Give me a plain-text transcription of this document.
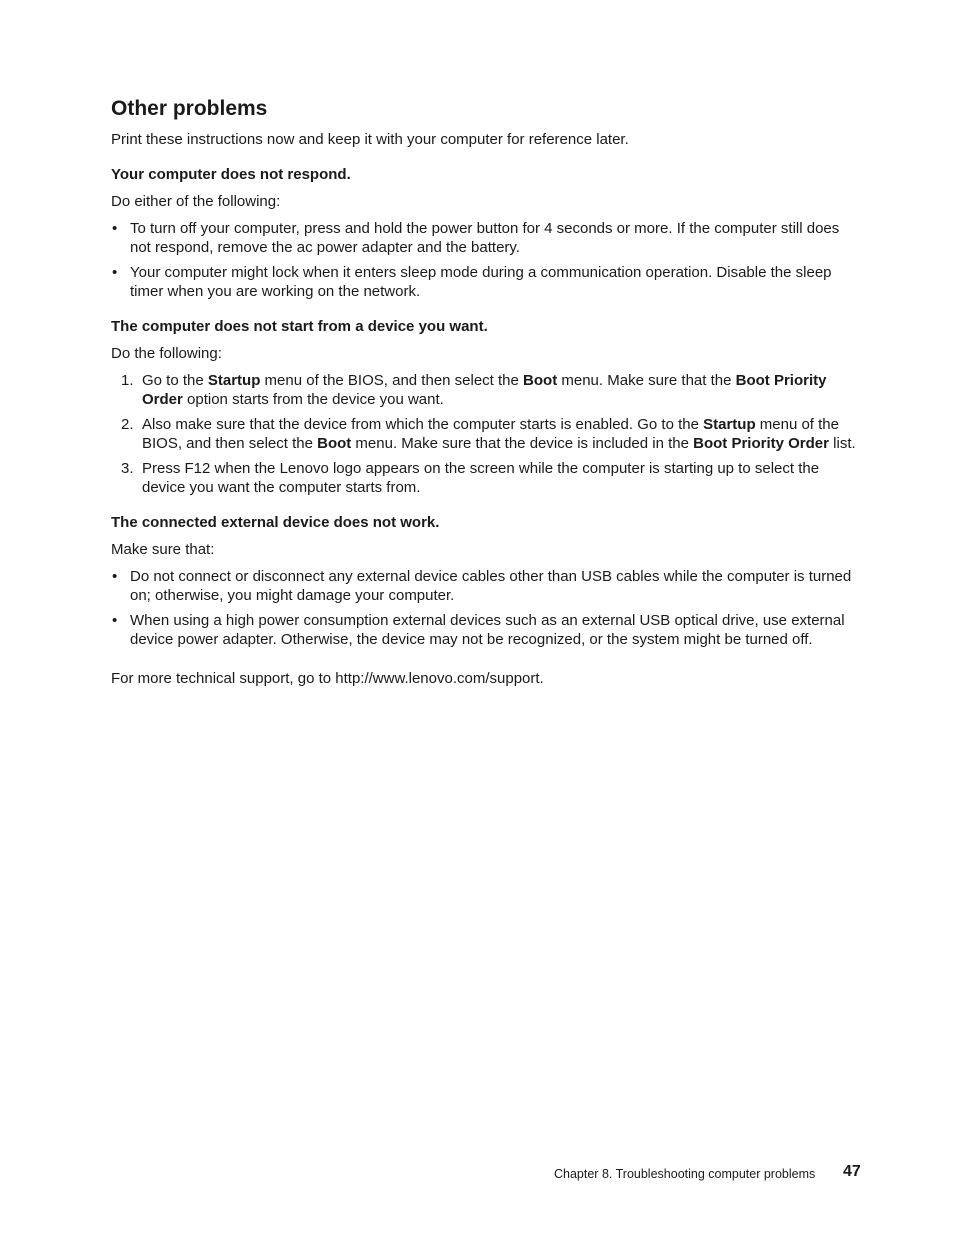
Other problems

Print these instructions now and keep it with your computer for reference later.

Your computer does not respond.

Do either of the following:

• To turn off your computer, press and hold the power button for 4 seconds or more. If the computer still does not respond, remove the ac power adapter and the battery.
• Your computer might lock when it enters sleep mode during a communication operation. Disable the sleep timer when you are working on the network.
The computer does not start from a device you want.

Do the following:

1. Go to the Startup menu of the BIOS, and then select the Boot menu. Make sure that the Boot Priority Order option starts from the device you want.
2. Also make sure that the device from which the computer starts is enabled. Go to the Startup menu of the BIOS, and then select the Boot menu. Make sure that the device is included in the Boot Priority Order list.
3. Press F12 when the Lenovo logo appears on the screen while the computer is starting up to select the device you want the computer starts from.
The connected external device does not work.

Make sure that:

• Do not connect or disconnect any external device cables other than USB cables while the computer is turned on; otherwise, you might damage your computer.
• When using a high power consumption external devices such as an external USB optical drive, use external device power adapter. Otherwise, the device may not be recognized, or the system might be turned off.

For more technical support, go to http://www.lenovo.com/support.

Chapter 8. Troubleshooting computer problems 47
